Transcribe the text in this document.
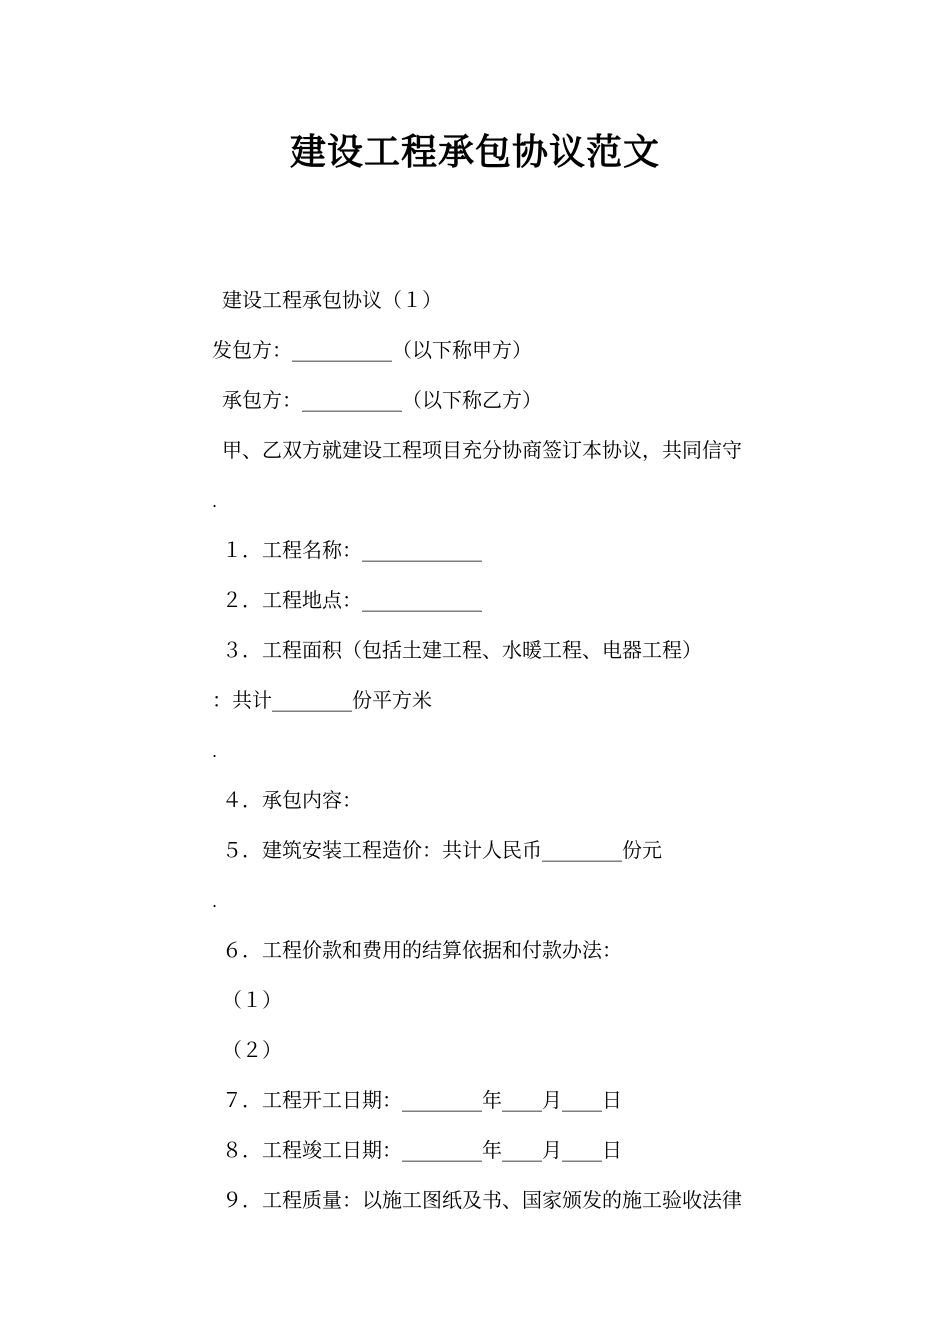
建设工程承包协议范文
建设工程承包协议（１）
发包方：__________（以下称甲方）
承包方：__________（以下称乙方）
甲、乙双方就建设工程项目充分协商签订本协议，共同信守
.
１．工程名称：____________
２．工程地点：____________
３．工程面积（包括土建工程、水暖工程、电器工程）
：共计________份平方米
.
４．承包内容：
５．建筑安装工程造价：共计人民币________份元
.
６．工程价款和费用的结算依据和付款办法：
（１）
（２）
７．工程开工日期：________年____月____日
８．工程竣工日期：________年____月____日
９．工程质量：以施工图纸及书、国家颁发的施工验收法律
